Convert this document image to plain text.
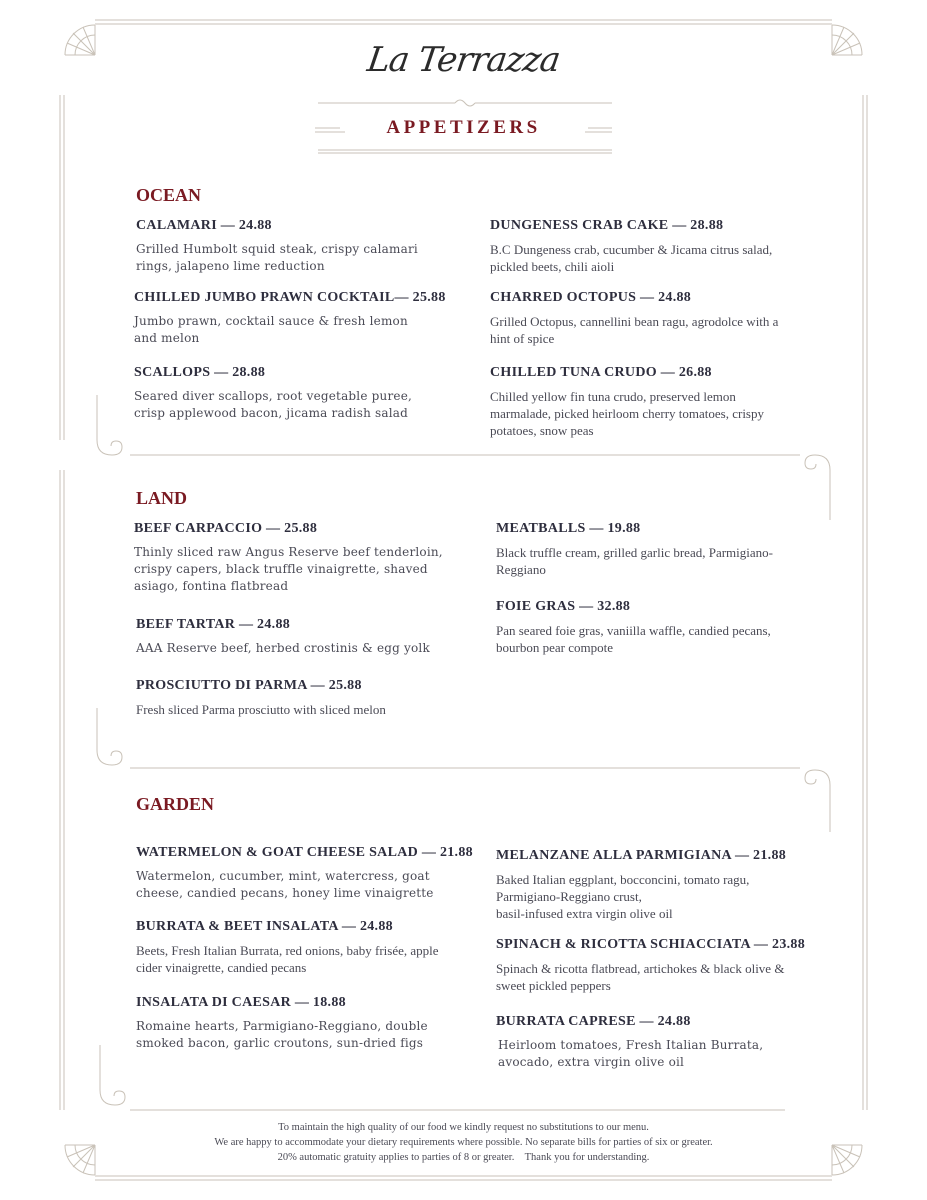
La Terrazza
APPETIZERS
OCEAN
CALAMARI — 24.88
Grilled Humbolt squid steak, crispy calamari rings, jalapeno lime reduction
CHILLED JUMBO PRAWN COCKTAIL— 25.88
Jumbo prawn, cocktail sauce & fresh lemon and melon
SCALLOPS — 28.88
Seared diver scallops, root vegetable puree, crisp applewood bacon, jicama radish salad
DUNGENESS CRAB CAKE — 28.88
B.C Dungeness crab, cucumber & Jicama citrus salad, pickled beets, chili aioli
CHARRED OCTOPUS — 24.88
Grilled Octopus, cannellini bean ragu, agrodolce with a hint of spice
CHILLED TUNA CRUDO — 26.88
Chilled yellow fin tuna crudo, preserved lemon marmalade, picked heirloom cherry tomatoes, crispy potatoes, snow peas
LAND
BEEF CARPACCIO — 25.88
Thinly sliced raw Angus Reserve beef tenderloin, crispy capers, black truffle vinaigrette, shaved asiago, fontina flatbread
BEEF TARTAR — 24.88
AAA Reserve beef, herbed crostinis & egg yolk
PROSCIUTTO DI PARMA — 25.88
Fresh sliced Parma prosciutto with sliced melon
MEATBALLS — 19.88
Black truffle cream, grilled garlic bread, Parmigiano-Reggiano
FOIE GRAS — 32.88
Pan seared foie gras, vaniilla waffle, candied pecans, bourbon pear compote
GARDEN
WATERMELON & GOAT CHEESE SALAD — 21.88
Watermelon, cucumber, mint, watercress, goat cheese, candied pecans, honey lime vinaigrette
BURRATA & BEET INSALATA — 24.88
Beets, Fresh Italian Burrata, red onions, baby frisée, apple cider vinaigrette, candied pecans
INSALATA DI CAESAR — 18.88
Romaine hearts, Parmigiano-Reggiano, double smoked bacon, garlic croutons, sun-dried figs
MELANZANE ALLA PARMIGIANA — 21.88
Baked Italian eggplant, bocconcini, tomato ragu, Parmigiano-Reggiano crust,
basil-infused extra virgin olive oil
SPINACH & RICOTTA SCHIACCIATA — 23.88
Spinach & ricotta flatbread, artichokes & black olive & sweet pickled peppers
BURRATA CAPRESE — 24.88
Heirloom tomatoes, Fresh Italian Burrata, avocado, extra virgin olive oil
To maintain the high quality of our food we kindly request no substitutions to our menu.
We are happy to accommodate your dietary requirements where possible. No separate bills for parties of six or greater.
20% automatic gratuity applies to parties of 8 or greater.    Thank you for understanding.
